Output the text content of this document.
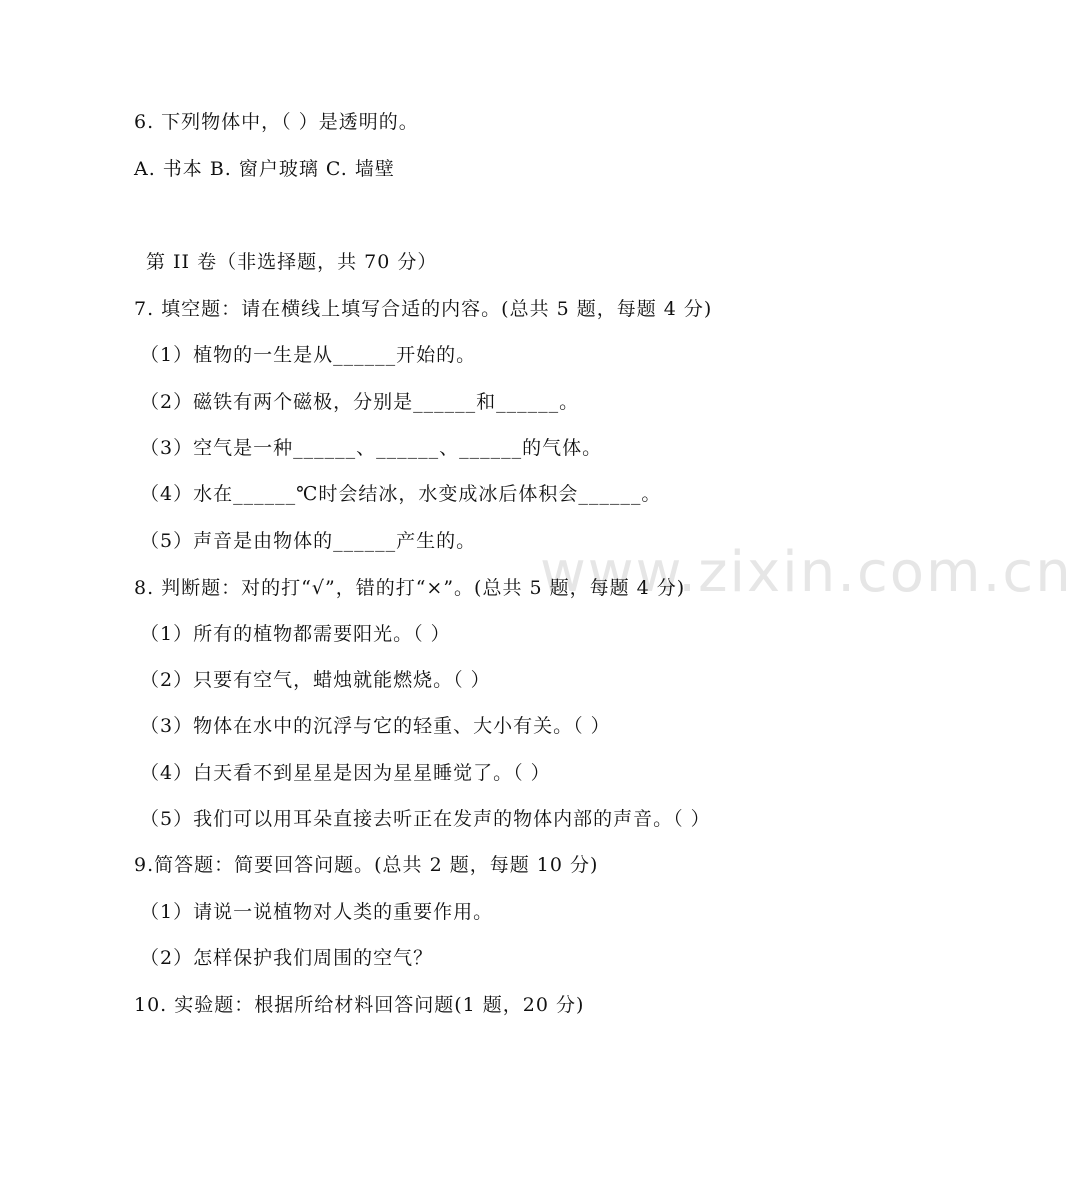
www.zixin.com.cn
6. 下列物体中，（ ）是透明的。
A. 书本 B. 窗户玻璃 C. 墙壁
第 II 卷（非选择题，共 70 分）
7. 填空题：请在横线上填写合适的内容。(总共 5 题，每题 4 分)
（1）植物的一生是从______开始的。
（2）磁铁有两个磁极，分别是______和______。
（3）空气是一种______、______、______的气体。
（4）水在______℃时会结冰，水变成冰后体积会______。
（5）声音是由物体的______产生的。
8. 判断题：对的打“√”，错的打“×”。(总共 5 题，每题 4 分)
（1）所有的植物都需要阳光。（ ）
（2）只要有空气，蜡烛就能燃烧。（ ）
（3）物体在水中的沉浮与它的轻重、大小有关。（ ）
（4）白天看不到星星是因为星星睡觉了。（ ）
（5）我们可以用耳朵直接去听正在发声的物体内部的声音。（ ）
9.简答题：简要回答问题。(总共 2 题，每题 10 分)
（1）请说一说植物对人类的重要作用。
（2）怎样保护我们周围的空气？
10. 实验题：根据所给材料回答问题(1 题，20 分)
